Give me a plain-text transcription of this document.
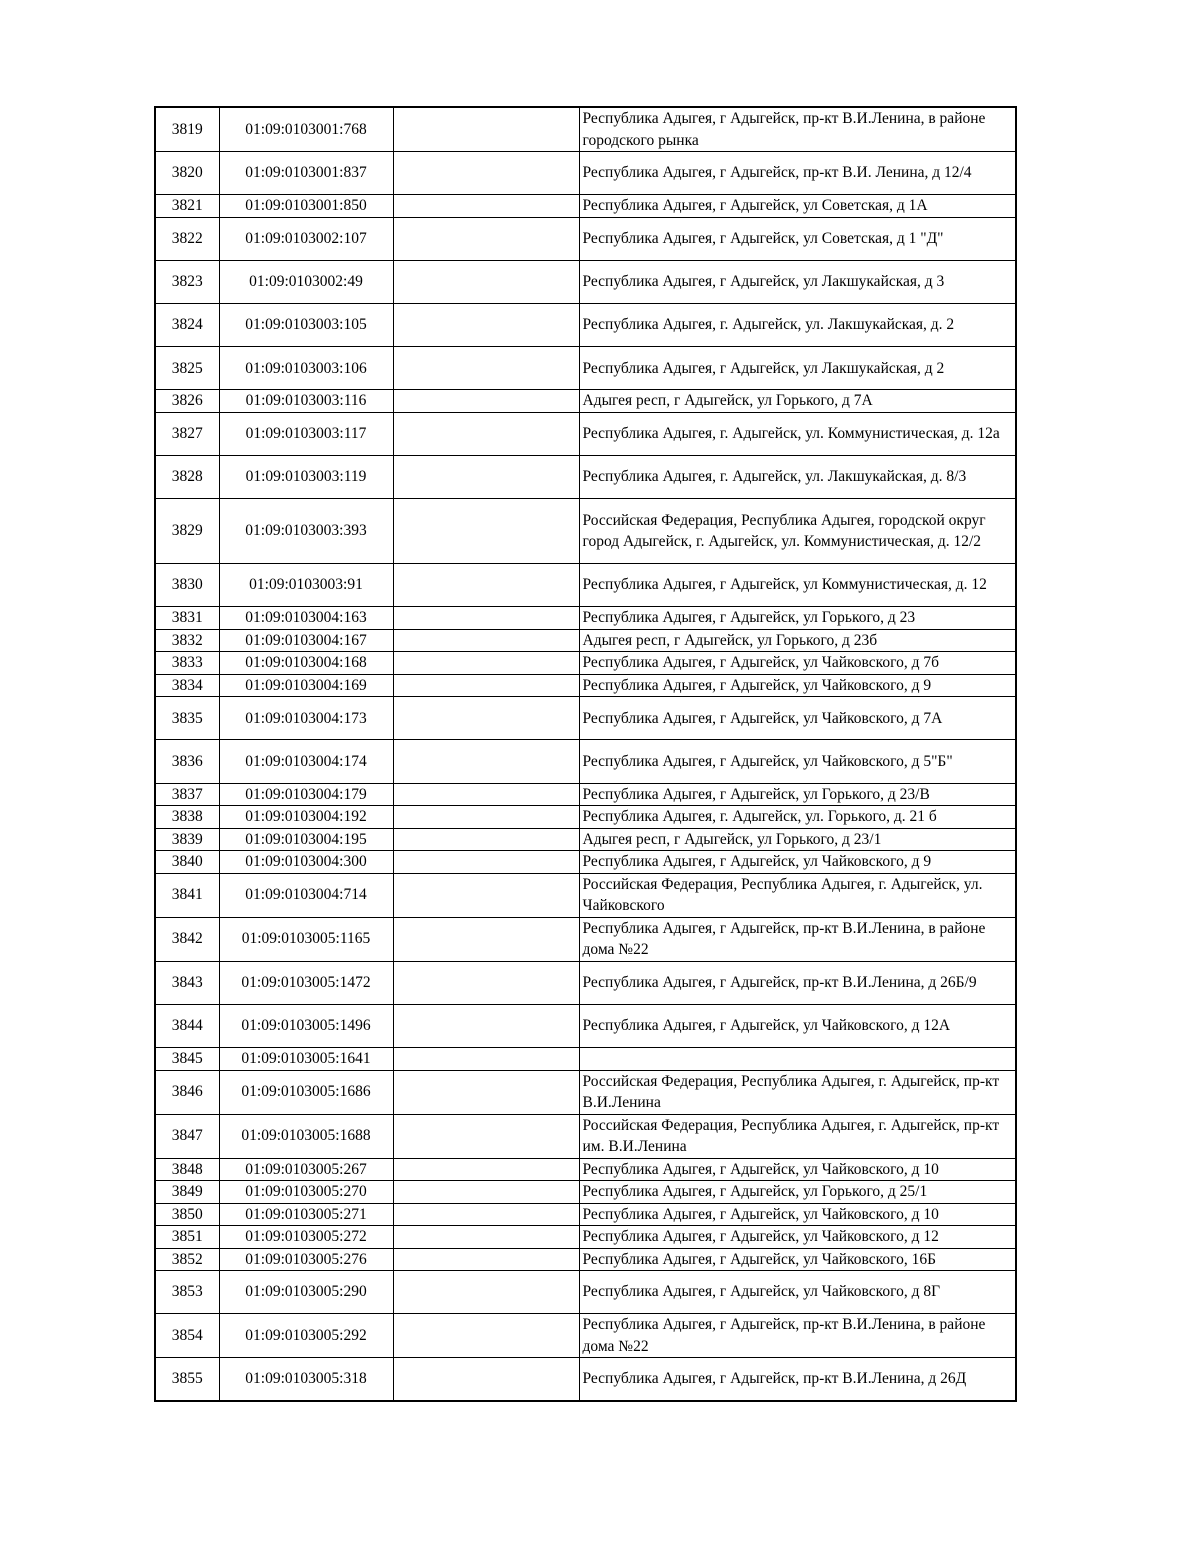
3819	01:09:0103001:768		Республика Адыгея, г Адыгейск, пр-кт В.И.Ленина, в районе городского рынка
3820	01:09:0103001:837		Республика Адыгея, г Адыгейск, пр-кт В.И. Ленина, д 12/4
3821	01:09:0103001:850		Республика Адыгея, г Адыгейск, ул Советская, д 1А
3822	01:09:0103002:107		Республика Адыгея, г Адыгейск, ул Советская, д 1 "Д"
3823	01:09:0103002:49		Республика Адыгея, г Адыгейск, ул Лакшукайская, д 3
3824	01:09:0103003:105		Республика Адыгея, г. Адыгейск, ул. Лакшукайская, д. 2
3825	01:09:0103003:106		Республика Адыгея, г Адыгейск, ул Лакшукайская, д 2
3826	01:09:0103003:116		Адыгея респ, г Адыгейск, ул Горького, д 7А
3827	01:09:0103003:117		Республика Адыгея, г. Адыгейск, ул. Коммунистическая, д. 12а
3828	01:09:0103003:119		Республика Адыгея, г. Адыгейск, ул. Лакшукайская, д. 8/3
3829	01:09:0103003:393		Российская Федерация, Республика Адыгея, городской округ город Адыгейск, г. Адыгейск, ул. Коммунистическая, д. 12/2
3830	01:09:0103003:91		Республика Адыгея, г Адыгейск, ул Коммунистическая, д. 12
3831	01:09:0103004:163		Республика Адыгея, г Адыгейск, ул Горького, д 23
3832	01:09:0103004:167		Адыгея респ, г Адыгейск, ул Горького, д 23б
3833	01:09:0103004:168		Республика Адыгея, г Адыгейск, ул Чайковского, д 7б
3834	01:09:0103004:169		Республика Адыгея, г Адыгейск, ул Чайковского, д 9
3835	01:09:0103004:173		Республика Адыгея, г Адыгейск, ул Чайковского, д 7А
3836	01:09:0103004:174		Республика Адыгея, г Адыгейск, ул Чайковского, д 5"Б"
3837	01:09:0103004:179		Республика Адыгея, г Адыгейск, ул Горького, д 23/В
3838	01:09:0103004:192		Республика Адыгея, г. Адыгейск, ул. Горького, д. 21 б
3839	01:09:0103004:195		Адыгея респ, г Адыгейск, ул Горького, д 23/1
3840	01:09:0103004:300		Республика Адыгея, г Адыгейск, ул Чайковского, д 9
3841	01:09:0103004:714		Российская Федерация, Республика Адыгея, г. Адыгейск, ул. Чайковского
3842	01:09:0103005:1165		Республика Адыгея, г Адыгейск, пр-кт В.И.Ленина, в районе дома №22
3843	01:09:0103005:1472		Республика Адыгея, г Адыгейск, пр-кт В.И.Ленина, д 26Б/9
3844	01:09:0103005:1496		Республика Адыгея, г Адыгейск, ул Чайковского, д 12А
3845	01:09:0103005:1641		
3846	01:09:0103005:1686		Российская Федерация, Республика Адыгея, г. Адыгейск, пр-кт В.И.Ленина
3847	01:09:0103005:1688		Российская Федерация, Республика Адыгея, г. Адыгейск, пр-кт им. В.И.Ленина
3848	01:09:0103005:267		Республика Адыгея, г Адыгейск, ул Чайковского, д 10
3849	01:09:0103005:270		Республика Адыгея, г Адыгейск, ул Горького, д 25/1
3850	01:09:0103005:271		Республика Адыгея, г Адыгейск, ул Чайковского, д 10
3851	01:09:0103005:272		Республика Адыгея, г Адыгейск, ул Чайковского, д 12
3852	01:09:0103005:276		Республика Адыгея, г Адыгейск, ул Чайковского, 16Б
3853	01:09:0103005:290		Республика Адыгея, г Адыгейск, ул Чайковского, д 8Г
3854	01:09:0103005:292		Республика Адыгея, г Адыгейск, пр-кт В.И.Ленина, в районе дома №22
3855	01:09:0103005:318		Республика Адыгея, г Адыгейск, пр-кт В.И.Ленина, д 26Д
